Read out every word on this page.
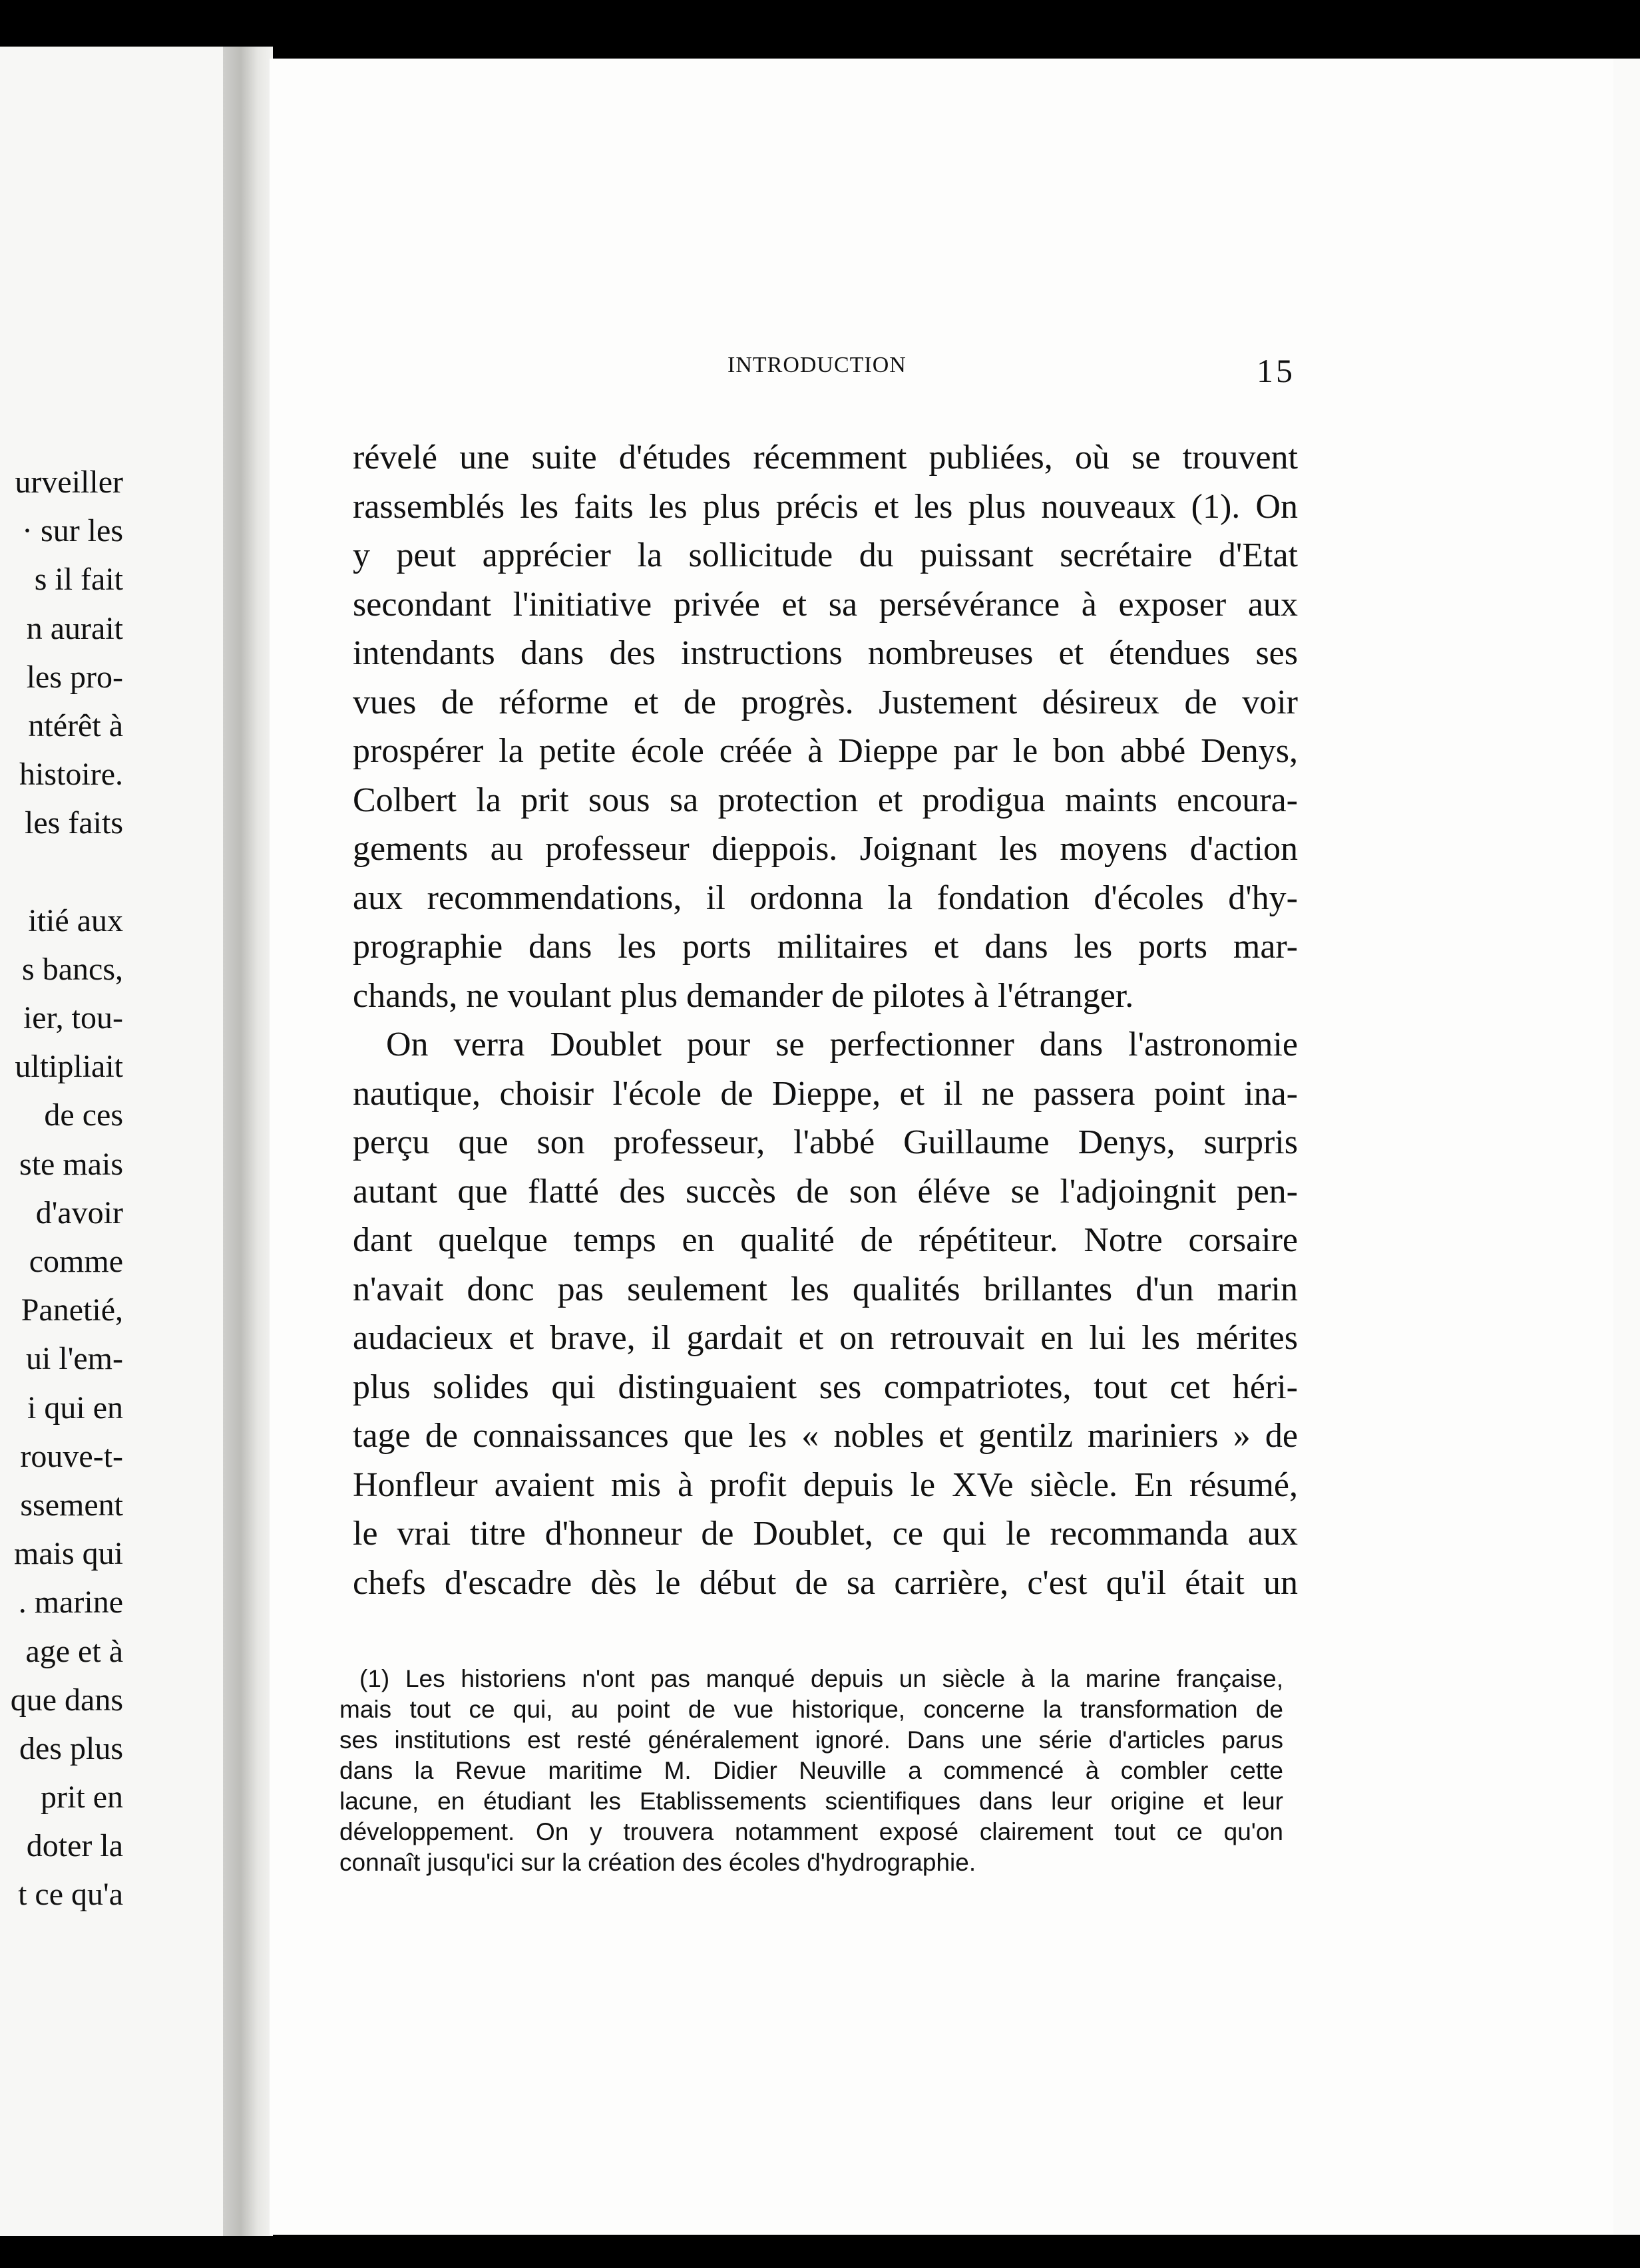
urveiller
· sur les
s il fait
n aurait
les pro-
ntérêt à
histoire.
les faits
itié aux
s bancs,
ier, tou-
ultipliait
de ces
ste mais
d'avoir
comme
Panetié,
ui l'em-
i qui en
rouve-t-
ssement
mais qui
. marine
age et à
que dans
des plus
prit en
doter la
t ce qu'a
INTRODUCTION	15
révelé une suite d'études récemment publiées, où se trouvent
rassemblés les faits les plus précis et les plus nouveaux (1). On
y peut apprécier la sollicitude du puissant secrétaire d'Etat
secondant l'initiative privée et sa persévérance à exposer aux
intendants dans des instructions nombreuses et étendues ses
vues de réforme et de progrès. Justement désireux de voir
prospérer la petite école créée à Dieppe par le bon abbé Denys,
Colbert la prit sous sa protection et prodigua maints encoura-
gements au professeur dieppois. Joignant les moyens d'action
aux recommendations, il ordonna la fondation d'écoles d'hy-
prographie dans les ports militaires et dans les ports mar-
chands, ne voulant plus demander de pilotes à l'étranger.
On verra Doublet pour se perfectionner dans l'astronomie
nautique, choisir l'école de Dieppe, et il ne passera point ina-
perçu que son professeur, l'abbé Guillaume Denys, surpris
autant que flatté des succès de son éléve se l'adjoingnit pen-
dant quelque temps en qualité de répétiteur. Notre corsaire
n'avait donc pas seulement les qualités brillantes d'un marin
audacieux et brave, il gardait et on retrouvait en lui les mérites
plus solides qui distinguaient ses compatriotes, tout cet héri-
tage de connaissances que les « nobles et gentilz mariniers » de
Honfleur avaient mis à profit depuis le XVe siècle. En résumé,
le vrai titre d'honneur de Doublet, ce qui le recommanda aux
chefs d'escadre dès le début de sa carrière, c'est qu'il était un
(1) Les historiens n'ont pas manqué depuis un siècle à la marine française,
mais tout ce qui, au point de vue historique, concerne la transformation de
ses institutions est resté généralement ignoré. Dans une série d'articles parus
dans la Revue maritime M. Didier Neuville a commencé à combler cette
lacune, en étudiant les Etablissements scientifiques dans leur origine et leur
développement. On y trouvera notamment exposé clairement tout ce qu'on
connaît jusqu'ici sur la création des écoles d'hydrographie.
